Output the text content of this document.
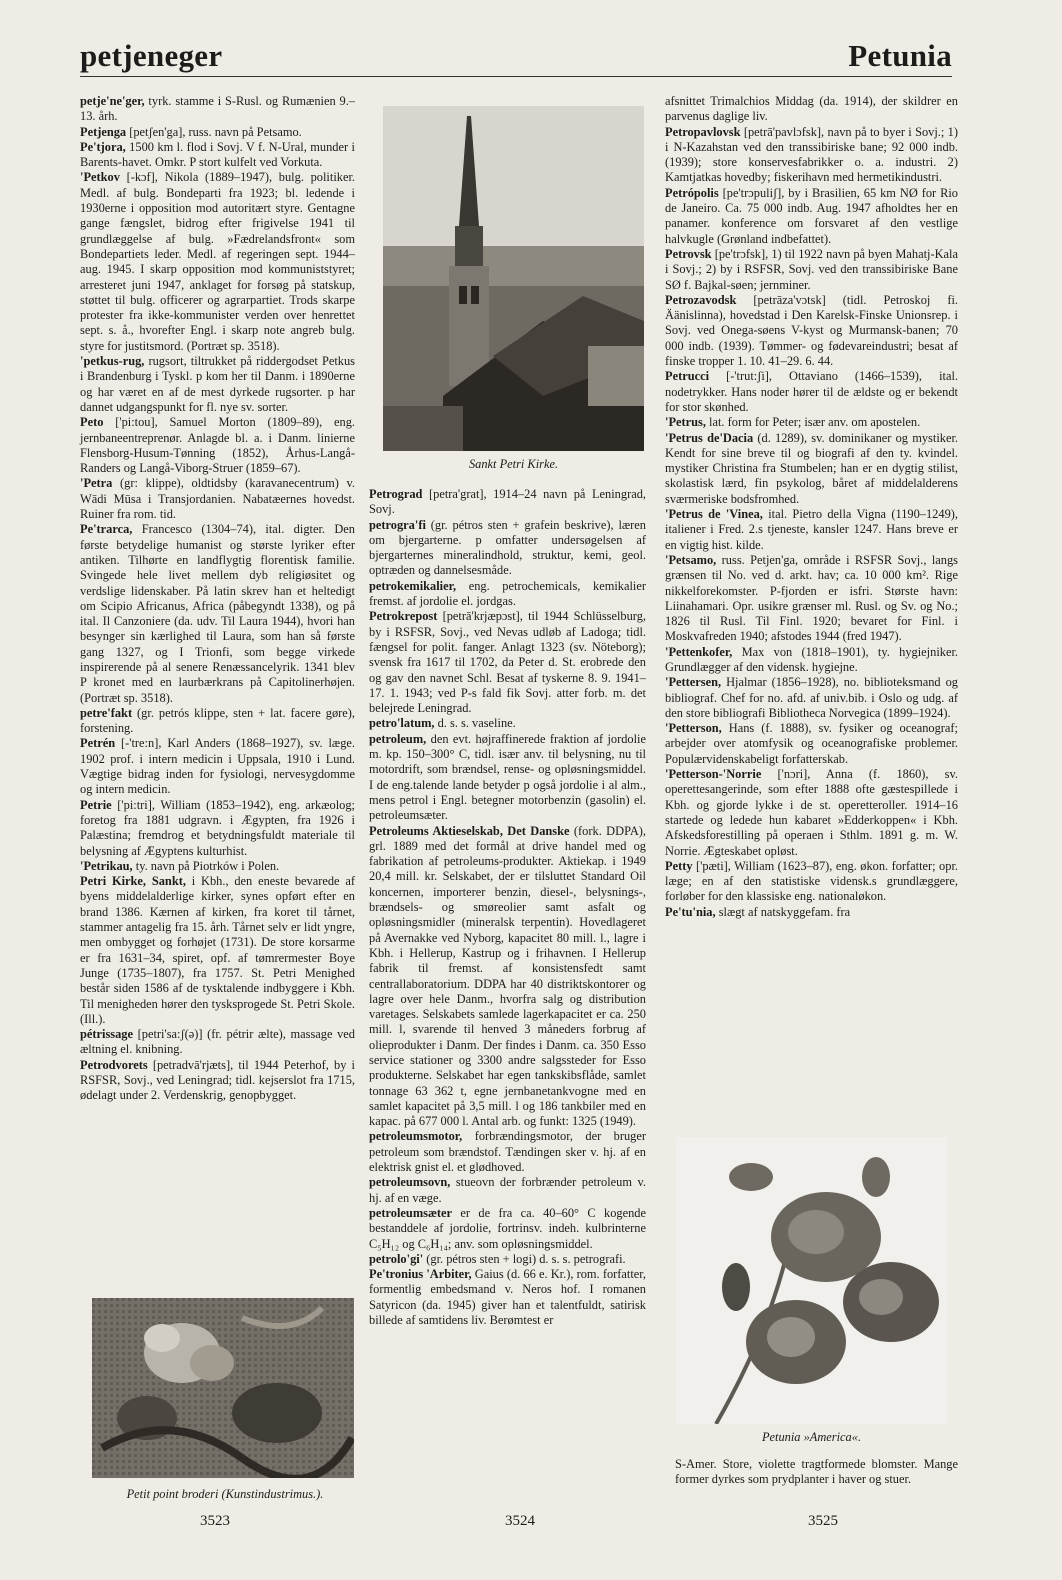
petjeneger	Petunia

petje'ne'ger, tyrk. stamme i S-Rusl. og Rumænien 9.–13. årh.

Petjenga [petʃen'ga], russ. navn på Petsamo.

Pe'tjora, 1500 km l. flod i Sovj. V f. N-Ural, munder i Barents-havet. Omkr. P stort kulfelt ved Vorkuta.

'Petkov [-kɔf], Nikola (1889–1947), bulg. politiker. Medl. af bulg. Bondeparti fra 1923; bl. ledende i 1930erne i opposition mod autoritært styre. Gentagne gange fængslet, bidrog efter frigivelse 1941 til grundlæggelse af bulg. »Fædrelandsfront« som Bondepartiets leder. Medl. af regeringen sept. 1944–aug. 1945. I skarp opposition mod kommuniststyret; arresteret juni 1947, anklaget for forsøg på statskup, støttet til bulg. officerer og agrarpartiet. Trods skarpe protester fra ikke-kommunister verden over henrettet sept. s. å., hvorefter Engl. i skarp note angreb bulg. styre for justitsmord. (Portræt sp. 3518).

'petkus-rug, rugsort, tiltrukket på riddergodset Petkus i Brandenburg i Tyskl. p kom her til Danm. i 1890erne og har været en af de mest dyrkede rugsorter. p har dannet udgangspunkt for fl. nye sv. sorter.

Peto ['pi:tou], Samuel Morton (1809–89), eng. jernbaneentreprenør. Anlagde bl. a. i Danm. linierne Flensborg-Husum-Tønning (1852), Århus-Langå-Randers og Langå-Viborg-Struer (1859–67).

'Petra (gr: klippe), oldtidsby (karavanecentrum) v. Wādi Mūsa i Transjordanien. Nabatæernes hovedst. Ruiner fra rom. tid.

Pe'trarca, Francesco (1304–74), ital. digter. Den første betydelige humanist og største lyriker efter antiken. Tilhørte en landflygtig florentisk familie. Svingede hele livet mellem dyb religiøsitet og verdslige lidenskaber. På latin skrev han et heltedigt om Scipio Africanus, Africa (påbegyndt 1338), og på ital. Il Canzoniere (da. udv. Til Laura 1944), hvori han besynger sin kærlighed til Laura, som han så første gang 1327, og I Trionfi, som begge virkede inspirerende på al senere Renæssancelyrik. 1341 blev P kronet med en laurbærkrans på Capitolinerhøjen. (Portræt sp. 3518).

petre'fakt (gr. petrós klippe, sten + lat. facere gøre), forstening.

Petrén [-'tre:n], Karl Anders (1868–1927), sv. læge. 1902 prof. i intern medicin i Uppsala, 1910 i Lund. Vægtige bidrag inden for fysiologi, nervesygdomme og intern medicin.

Petrie ['pi:tri], William (1853–1942), eng. arkæolog; foretog fra 1881 udgravn. i Ægypten, fra 1926 i Palæstina; fremdrog et betydningsfuldt materiale til belysning af Ægyptens kulturhist.

'Petrikau, ty. navn på Piotrków i Polen.

Petri Kirke, Sankt, i Kbh., den eneste bevarede af byens middelalderlige kirker, synes opført efter en brand 1386. Kærnen af kirken, fra koret til tårnet, stammer antagelig fra 15. årh. Tårnet selv er lidt yngre, men ombygget og forhøjet (1731). De store korsarme er fra 1631–34, spiret, opf. af tømrermester Boye Junge (1735–1807), fra 1757. St. Petri Menighed består siden 1586 af de tysktalende indbyggere i Kbh. Til menigheden hører den tysksprogede St. Petri Skole. (Ill.).

pétrissage [petri'sa:ʃ(ə)] (fr. pétrir ælte), massage ved æltning el. knibning.

Petrodvorets [petradvā'rjæts], til 1944 Peterhof, by i RSFSR, Sovj., ved Leningrad; tidl. kejserslot fra 1715, ødelagt under 2. Verdenskrig, genopbygget.

Petit point broderi (Kunstindustrimus.).
Sankt Petri Kirke.

Petrograd [petra'grat], 1914–24 navn på Leningrad, Sovj.

petrogra'fi (gr. pétros sten + grafein beskrive), læren om bjergarterne. p omfatter undersøgelsen af bjergarternes mineralindhold, struktur, kemi, geol. optræden og dannelsesmåde.

petrokemikalier, eng. petrochemicals, kemikalier fremst. af jordolie el. jordgas.

Petrokrepost [petrā'krjæpɔst], til 1944 Schlüsselburg, by i RSFSR, Sovj., ved Nevas udløb af Ladoga; tidl. fængsel for polit. fanger. Anlagt 1323 (sv. Nöteborg); svensk fra 1617 til 1702, da Peter d. St. erobrede den og gav den navnet Schl. Besat af tyskerne 8. 9. 1941–17. 1. 1943; ved P-s fald fik Sovj. atter forb. m. det belejrede Leningrad.

petro'latum, d. s. s. vaseline.

petroleum, den evt. højraffinerede fraktion af jordolie m. kp. 150–300° C, tidl. især anv. til belysning, nu til motordrift, som brændsel, rense- og opløsningsmiddel. I de eng.talende lande betyder p også jordolie i al alm., mens petrol i Engl. betegner motorbenzin (gasolin) el. petroleumsæter.

Petroleums Aktieselskab, Det Danske (fork. DDPA), grl. 1889 med det formål at drive handel med og fabrikation af petroleums-produkter. Aktiekap. i 1949 20,4 mill. kr. Selskabet, der er tilsluttet Standard Oil koncernen, importerer benzin, diesel-, belysnings-, brændsels- og smøreolier samt asfalt og opløsningsmidler (mineralsk terpentin). Hovedlageret på Avernakke ved Nyborg, kapacitet 80 mill. l., lagre i Kbh. i Hellerup, Kastrup og i frihavnen. I Hellerup fabrik til fremst. af konsistensfedt samt centrallaboratorium. DDPA har 40 distriktskontorer og lagre over hele Danm., hvorfra salg og distribution varetages. Selskabets samlede lagerkapacitet er ca. 250 mill. l, svarende til henved 3 måneders forbrug af olieprodukter i Danm. Der findes i Danm. ca. 350 Esso service stationer og 3300 andre salgssteder for Esso produkterne. Selskabet har egen tankskibsflåde, samlet tonnage 63 362 t, egne jernbanetankvogne med en samlet kapacitet på 3,5 mill. l og 186 tankbiler med en kapac. på 677 000 l. Antal arb. og funkt: 1325 (1949).

petroleumsmotor, forbrændingsmotor, der bruger petroleum som brændstof. Tændingen sker v. hj. af en elektrisk gnist el. et glødhoved.

petroleumsovn, stueovn der forbrænder petroleum v. hj. af en væge.

petroleumsæter er de fra ca. 40–60° C kogende bestanddele af jordolie, fortrinsv. indeh. kulbrinterne C₅H₁₂ og C₆H₁₄; anv. som opløsningsmiddel.

petrolo'gi' (gr. pétros sten + logi) d. s. s. petrografi.

Pe'tronius 'Arbiter, Gaius (d. 66 e. Kr.), rom. forfatter, formentlig embedsmand v. Neros hof. I romanen Satyricon (da. 1945) giver han et talentfuldt, satirisk billede af samtidens liv. Berømtest er

afsnittet Trimalchios Middag (da. 1914), der skildrer en parvenus daglige liv.

Petropavlovsk [petrā'pavlɔfsk], navn på to byer i Sovj.; 1) i N-Kazahstan ved den transsibiriske bane; 92 000 indb. (1939); store konservesfabrikker o. a. industri. 2) Kamtjatkas hovedby; fiskerihavn med hermetikindustri.

Petrópolis [pe'trɔpuliʃ], by i Brasilien, 65 km NØ for Rio de Janeiro. Ca. 75 000 indb. Aug. 1947 afholdtes her en panamer. konference om forsvaret af den vestlige halvkugle (Grønland indbefattet).

Petrovsk [pe'trɔfsk], 1) til 1922 navn på byen Mahatj-Kala i Sovj.; 2) by i RSFSR, Sovj. ved den transsibiriske Bane SØ f. Bajkal-søen; jernminer.

Petrozavodsk [petrāza'vɔtsk] (tidl. Petroskoj fi. Äänislinna), hovedstad i Den Karelsk-Finske Unionsrep. i Sovj. ved Onega-søens V-kyst og Murmansk-banen; 70 000 indb. (1939). Tømmer- og fødevareindustri; besat af finske tropper 1. 10. 41–29. 6. 44.

Petrucci [-'trut:ʃi], Ottaviano (1466–1539), ital. nodetrykker. Hans noder hører til de ældste og er bekendt for stor skønhed.

'Petrus, lat. form for Peter; især anv. om apostelen.

'Petrus de'Dacia (d. 1289), sv. dominikaner og mystiker. Kendt for sine breve til og biografi af den ty. kvindel. mystiker Christina fra Stumbelen; han er en dygtig stilist, skolastisk lærd, fin psykolog, båret af middelalderens sværmeriske bodsfromhed.

'Petrus de 'Vinea, ital. Pietro della Vigna (1190–1249), italiener i Fred. 2.s tjeneste, kansler 1247. Hans breve er en vigtig hist. kilde.

'Petsamo, russ. Petjen'ga, område i RSFSR Sovj., langs grænsen til No. ved d. arkt. hav; ca. 10 000 km². Rige nikkelforekomster. P-fjorden er isfri. Største havn: Liinahamari. Opr. usikre grænser ml. Rusl. og Sv. og No.; 1826 til Rusl. Til Finl. 1920; bevaret for Finl. i Moskvafreden 1940; afstodes 1944 (fred 1947).

'Pettenkofer, Max von (1818–1901), ty. hygiejniker. Grundlægger af den vidensk. hygiejne.

'Pettersen, Hjalmar (1856–1928), no. biblioteksmand og bibliograf. Chef for no. afd. af univ.bib. i Oslo og udg. af den store bibliografi Bibliotheca Norvegica (1899–1924).

'Petterson, Hans (f. 1888), sv. fysiker og oceanograf; arbejder over atomfysik og oceanografiske problemer. Populærvidenskabeligt forfatterskab.

'Petterson-'Norrie ['nɔri], Anna (f. 1860), sv. operettesangerinde, som efter 1888 ofte gæstespillede i Kbh. og gjorde lykke i de st. operetteroller. 1914–16 startede og ledede hun kabaret »Edderkoppen« i Kbh. Afskedsforestilling på operaen i Sthlm. 1891 g. m. W. Norrie. Ægteskabet opløst.

Petty ['pæti], William (1623–87), eng. økon. forfatter; opr. læge; en af den statistiske vidensk.s grundlæggere, forløber for den klassiske eng. nationaløkon.

Pe'tu'nia, slægt af natskyggefam. fra

Petunia »America«.
S-Amer. Store, violette tragtformede blomster. Mange former dyrkes som prydplanter i haver og stuer.
3523	3524	3525
